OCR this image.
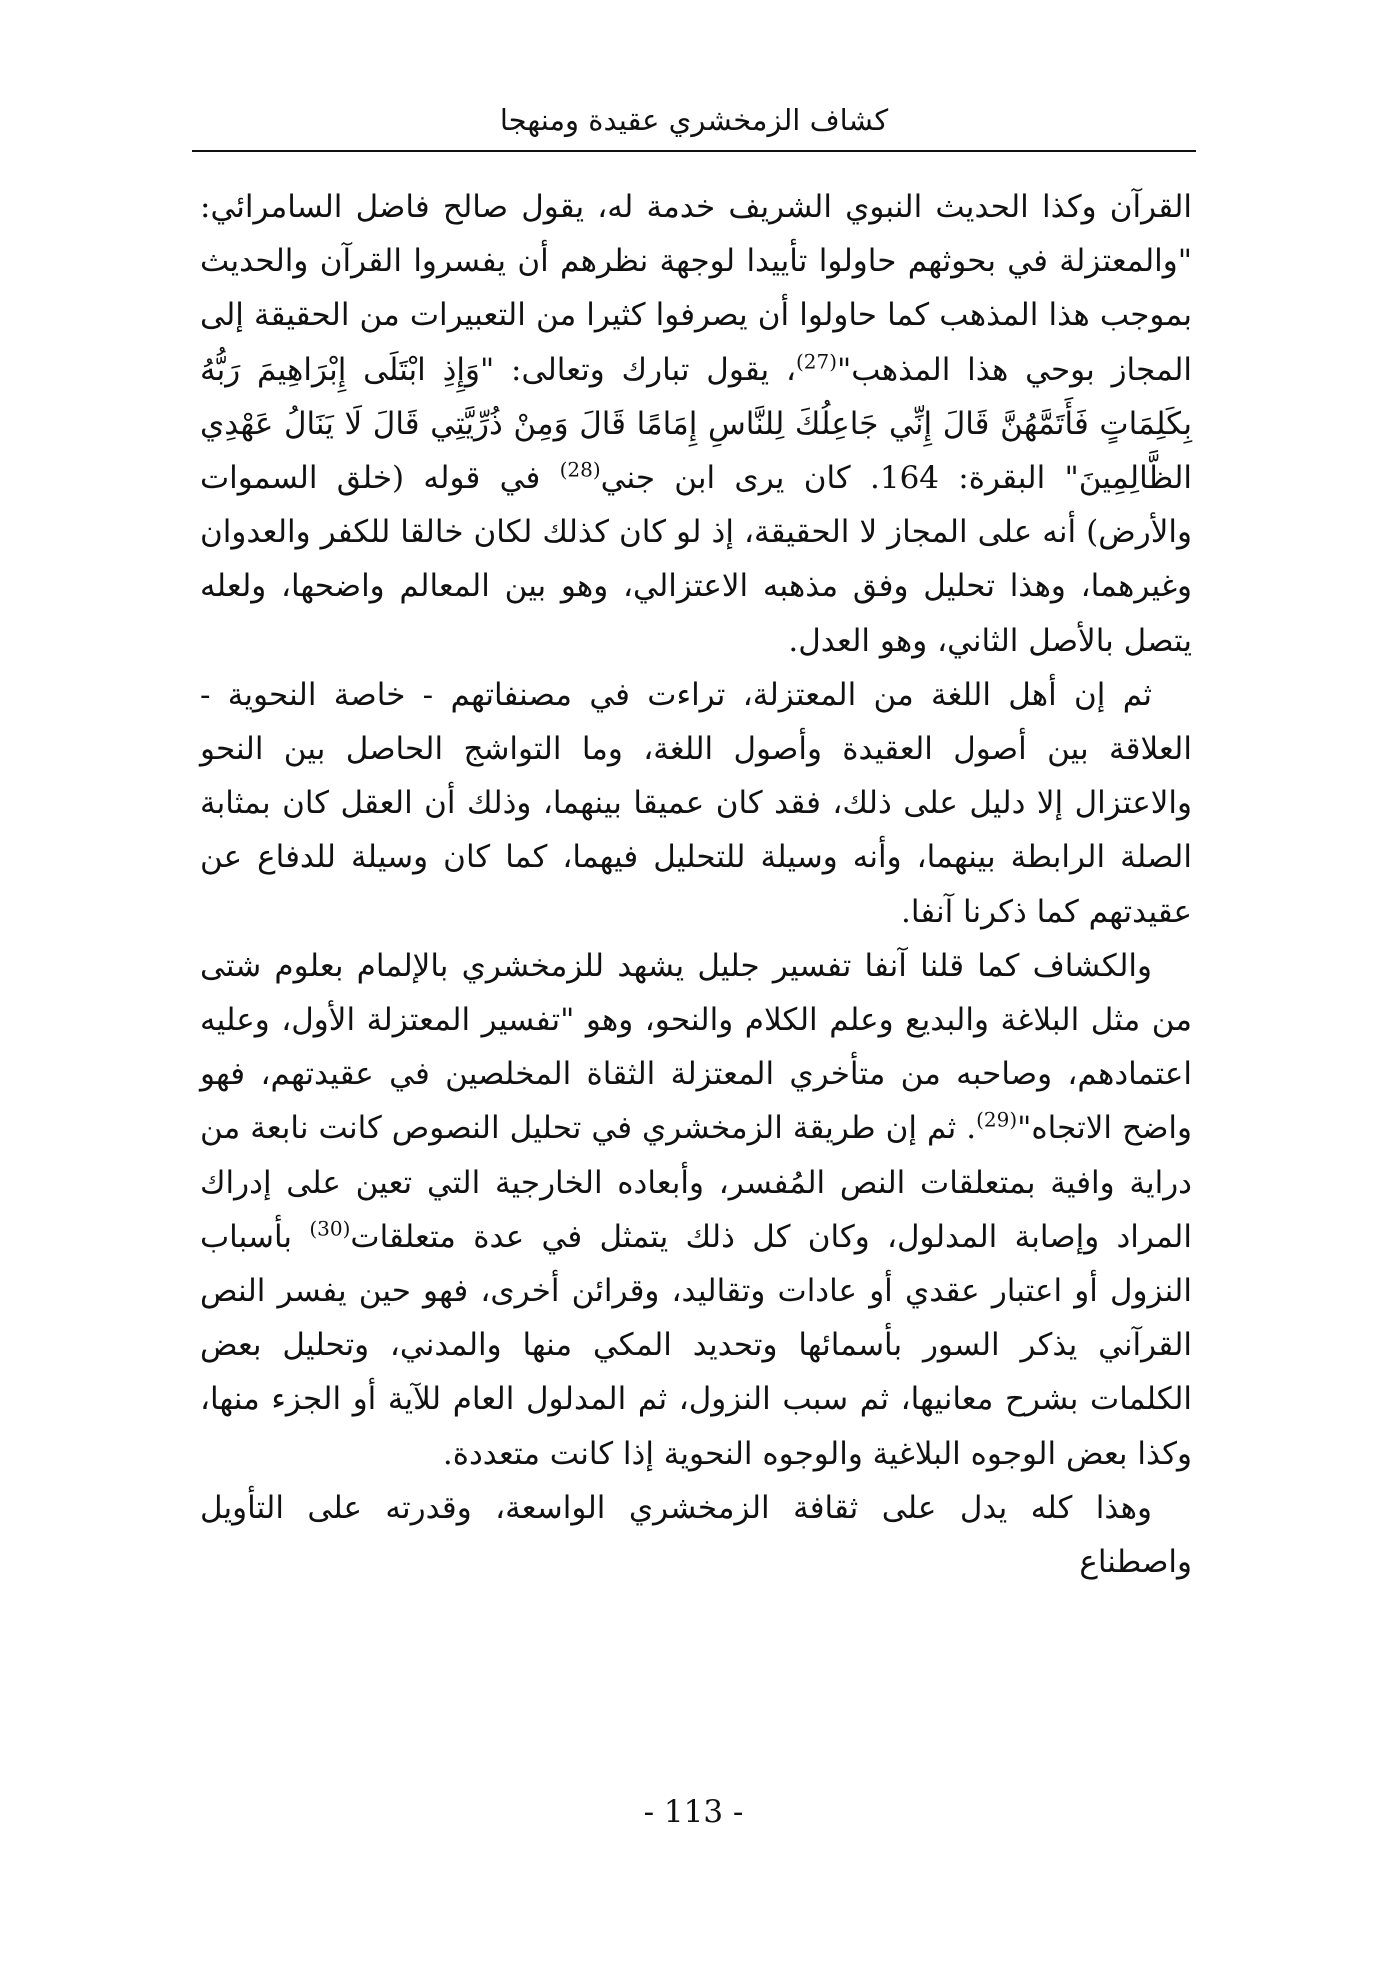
كشاف الزمخشري عقيدة ومنهجا

القرآن وكذا الحديث النبوي الشريف خدمة له، يقول صالح فاضل السامرائي: "والمعتزلة في بحوثهم حاولوا تأييدا لوجهة نظرهم أن يفسروا القرآن والحديث بموجب هذا المذهب كما حاولوا أن يصرفوا كثيرا من التعبيرات من الحقيقة إلى المجاز بوحي هذا المذهب"$^{(27)}$، يقول تبارك وتعالى: "وَإِذِ ابْتَلَى إِبْرَاهِيمَ رَبُّهُ بِكَلِمَاتٍ فَأَتَمَّهُنَّ قَالَ إِنِّي جَاعِلُكَ لِلنَّاسِ إِمَامًا قَالَ وَمِنْ ذُرِّيَّتِي قَالَ لَا يَنَالُ عَهْدِي الظَّالِمِينَ" البقرة: 164. كان يرى ابن جني$^{(28)}$ في قوله (خلق السموات والأرض) أنه على المجاز لا الحقيقة، إذ لو كان كذلك لكان خالقا للكفر والعدوان وغيرهما، وهذا تحليل وفق مذهبه الاعتزالي، وهو بين المعالم واضحها، ولعله يتصل بالأصل الثاني، وهو العدل.

ثم إن أهل اللغة من المعتزلة، تراءت في مصنفاتهم - خاصة النحوية - العلاقة بين أصول العقيدة وأصول اللغة، وما التواشج الحاصل بين النحو والاعتزال إلا دليل على ذلك، فقد كان عميقا بينهما، وذلك أن العقل كان بمثابة الصلة الرابطة بينهما، وأنه وسيلة للتحليل فيهما، كما كان وسيلة للدفاع عن عقيدتهم كما ذكرنا آنفا.

والكشاف كما قلنا آنفا تفسير جليل يشهد للزمخشري بالإلمام بعلوم شتى من مثل البلاغة والبديع وعلم الكلام والنحو، وهو "تفسير المعتزلة الأول، وعليه اعتمادهم، وصاحبه من متأخري المعتزلة الثقاة المخلصين في عقيدتهم، فهو واضح الاتجاه"$^{(29)}$. ثم إن طريقة الزمخشري في تحليل النصوص كانت نابعة من دراية وافية بمتعلقات النص المُفسر، وأبعاده الخارجية التي تعين على إدراك المراد وإصابة المدلول، وكان كل ذلك يتمثل في عدة متعلقات$^{(30)}$ بأسباب النزول أو اعتبار عقدي أو عادات وتقاليد، وقرائن أخرى، فهو حين يفسر النص القرآني يذكر السور بأسمائها وتحديد المكي منها والمدني، وتحليل بعض الكلمات بشرح معانيها، ثم سبب النزول، ثم المدلول العام للآية أو الجزء منها، وكذا بعض الوجوه البلاغية والوجوه النحوية إذا كانت متعددة.

وهذا كله يدل على ثقافة الزمخشري الواسعة، وقدرته على التأويل واصطناع

- 113 -
